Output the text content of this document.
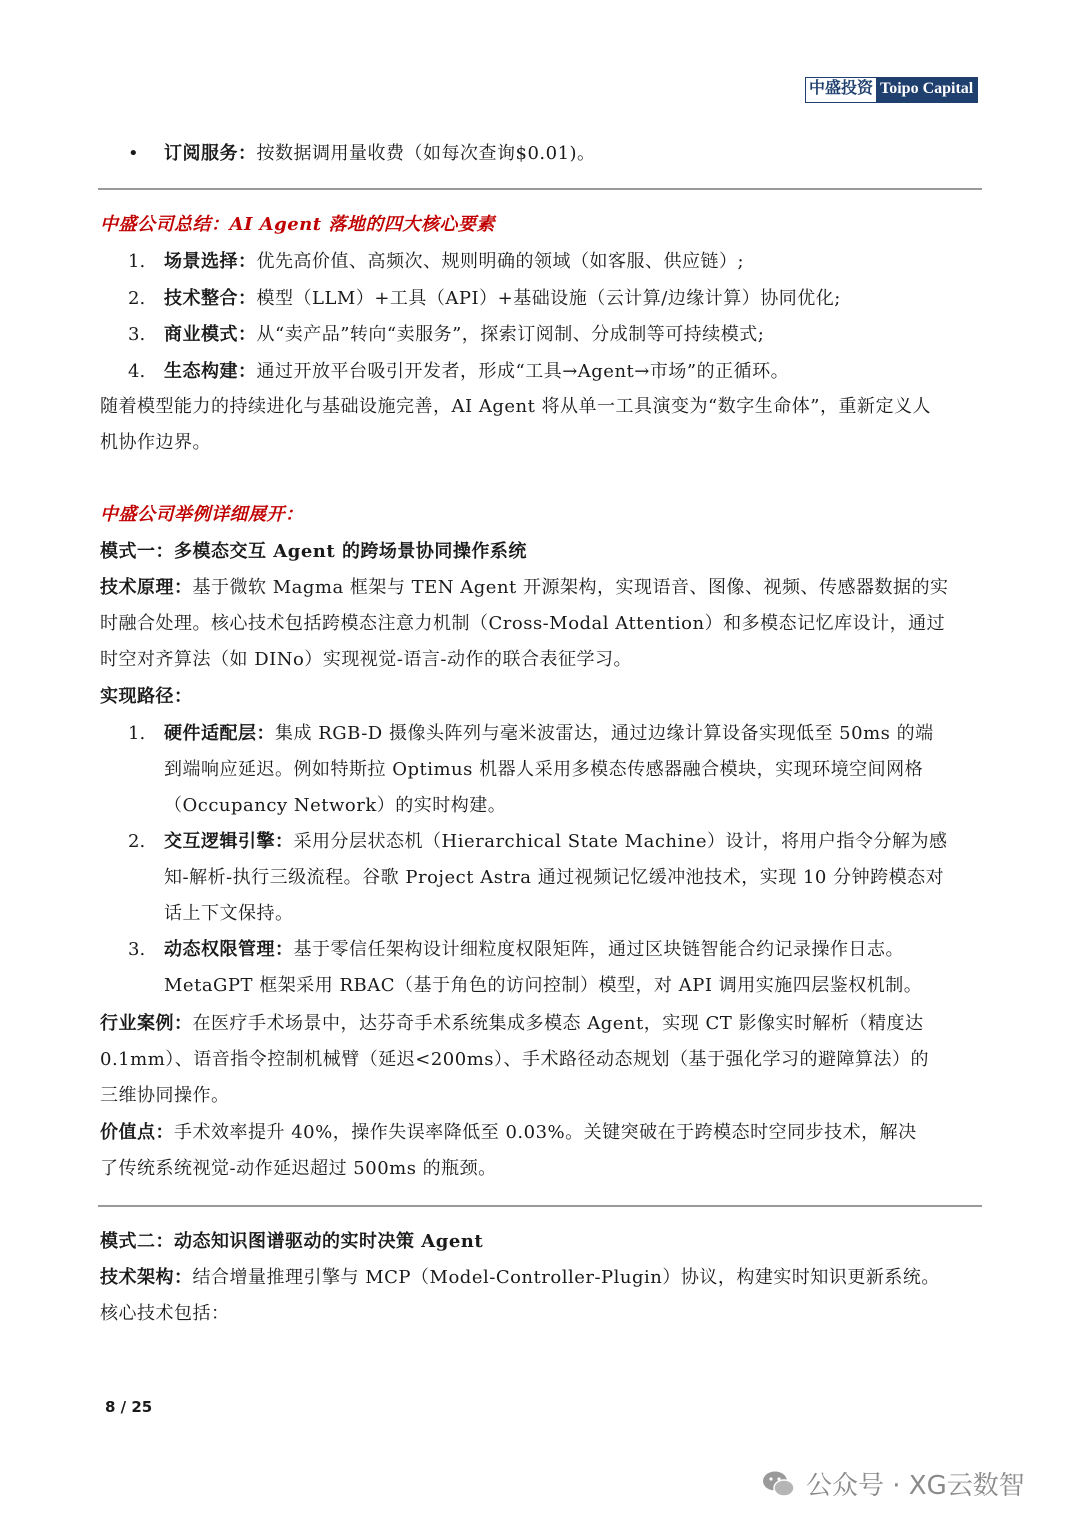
中盛投资 Toipo Capital
• 订阅服务：按数据调用量收费（如每次查询$0.01)。
中盛公司总结：AI Agent 落地的四大核心要素
1. 场景选择：优先高价值、高频次、规则明确的领域（如客服、供应链）;
2. 技术整合：模型（LLM）+工具（API）+基础设施（云计算/边缘计算）协同优化;
3. 商业模式：从“卖产品”转向“卖服务”，探索订阅制、分成制等可持续模式;
4. 生态构建：通过开放平台吸引开发者，形成“工具→Agent→市场”的正循环。
随着模型能力的持续进化与基础设施完善，AI Agent 将从单一工具演变为“数字生命体”，重新定义人
机协作边界。
中盛公司举例详细展开：
模式一：多模态交互 Agent 的跨场景协同操作系统
技术原理：基于微软 Magma 框架与 TEN Agent 开源架构，实现语音、图像、视频、传感器数据的实
时融合处理。核心技术包括跨模态注意力机制（Cross-Modal Attention）和多模态记忆库设计，通过
时空对齐算法（如 DINo）实现视觉-语言-动作的联合表征学习。
实现路径：
1. 硬件适配层：集成 RGB-D 摄像头阵列与毫米波雷达，通过边缘计算设备实现低至 50ms 的端
到端响应延迟。例如特斯拉 Optimus 机器人采用多模态传感器融合模块，实现环境空间网格
（Occupancy Network）的实时构建。
2. 交互逻辑引擎：采用分层状态机（Hierarchical State Machine）设计，将用户指令分解为感
知-解析-执行三级流程。谷歌 Project Astra 通过视频记忆缓冲池技术，实现 10 分钟跨模态对
话上下文保持。
3. 动态权限管理：基于零信任架构设计细粒度权限矩阵，通过区块链智能合约记录操作日志。
MetaGPT 框架采用 RBAC（基于角色的访问控制）模型，对 API 调用实施四层鉴权机制。
行业案例：在医疗手术场景中，达芬奇手术系统集成多模态 Agent，实现 CT 影像实时解析（精度达
0.1mm）、语音指令控制机械臂（延迟<200ms）、手术路径动态规划（基于强化学习的避障算法）的
三维协同操作。
价值点：手术效率提升 40%，操作失误率降低至 0.03%。关键突破在于跨模态时空同步技术，解决
了传统系统视觉-动作延迟超过 500ms 的瓶颈。
模式二：动态知识图谱驱动的实时决策 Agent
技术架构：结合增量推理引擎与 MCP（Model-Controller-Plugin）协议，构建实时知识更新系统。
核心技术包括：
8 / 25
公众号 · XG云数智
